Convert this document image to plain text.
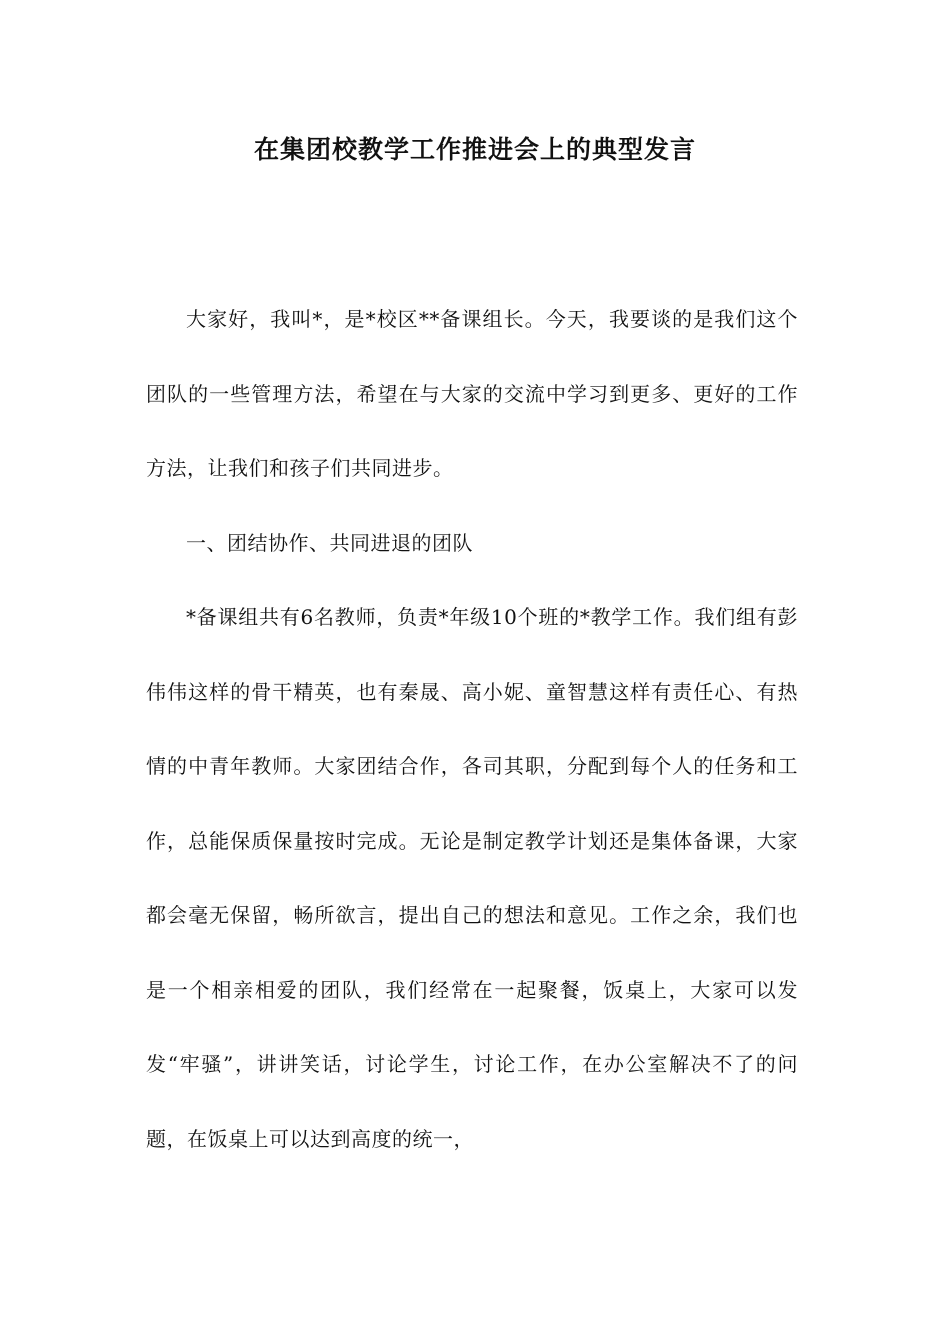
在集团校教学工作推进会上的典型发言

大家好，我叫*，是*校区**备课组长。今天，我要谈的是我们这个团队的一些管理方法，希望在与大家的交流中学习到更多、更好的工作方法，让我们和孩子们共同进步。

一、团结协作、共同进退的团队

*备课组共有6名教师，负责*年级10个班的*教学工作。我们组有彭伟伟这样的骨干精英，也有秦晟、高小妮、童智慧这样有责任心、有热情的中青年教师。大家团结合作，各司其职，分配到每个人的任务和工作，总能保质保量按时完成。无论是制定教学计划还是集体备课，大家都会毫无保留，畅所欲言，提出自己的想法和意见。工作之余，我们也是一个相亲相爱的团队，我们经常在一起聚餐，饭桌上，大家可以发发“牢骚”，讲讲笑话，讨论学生，讨论工作，在办公室解决不了的问题，在饭桌上可以达到高度的统一，
